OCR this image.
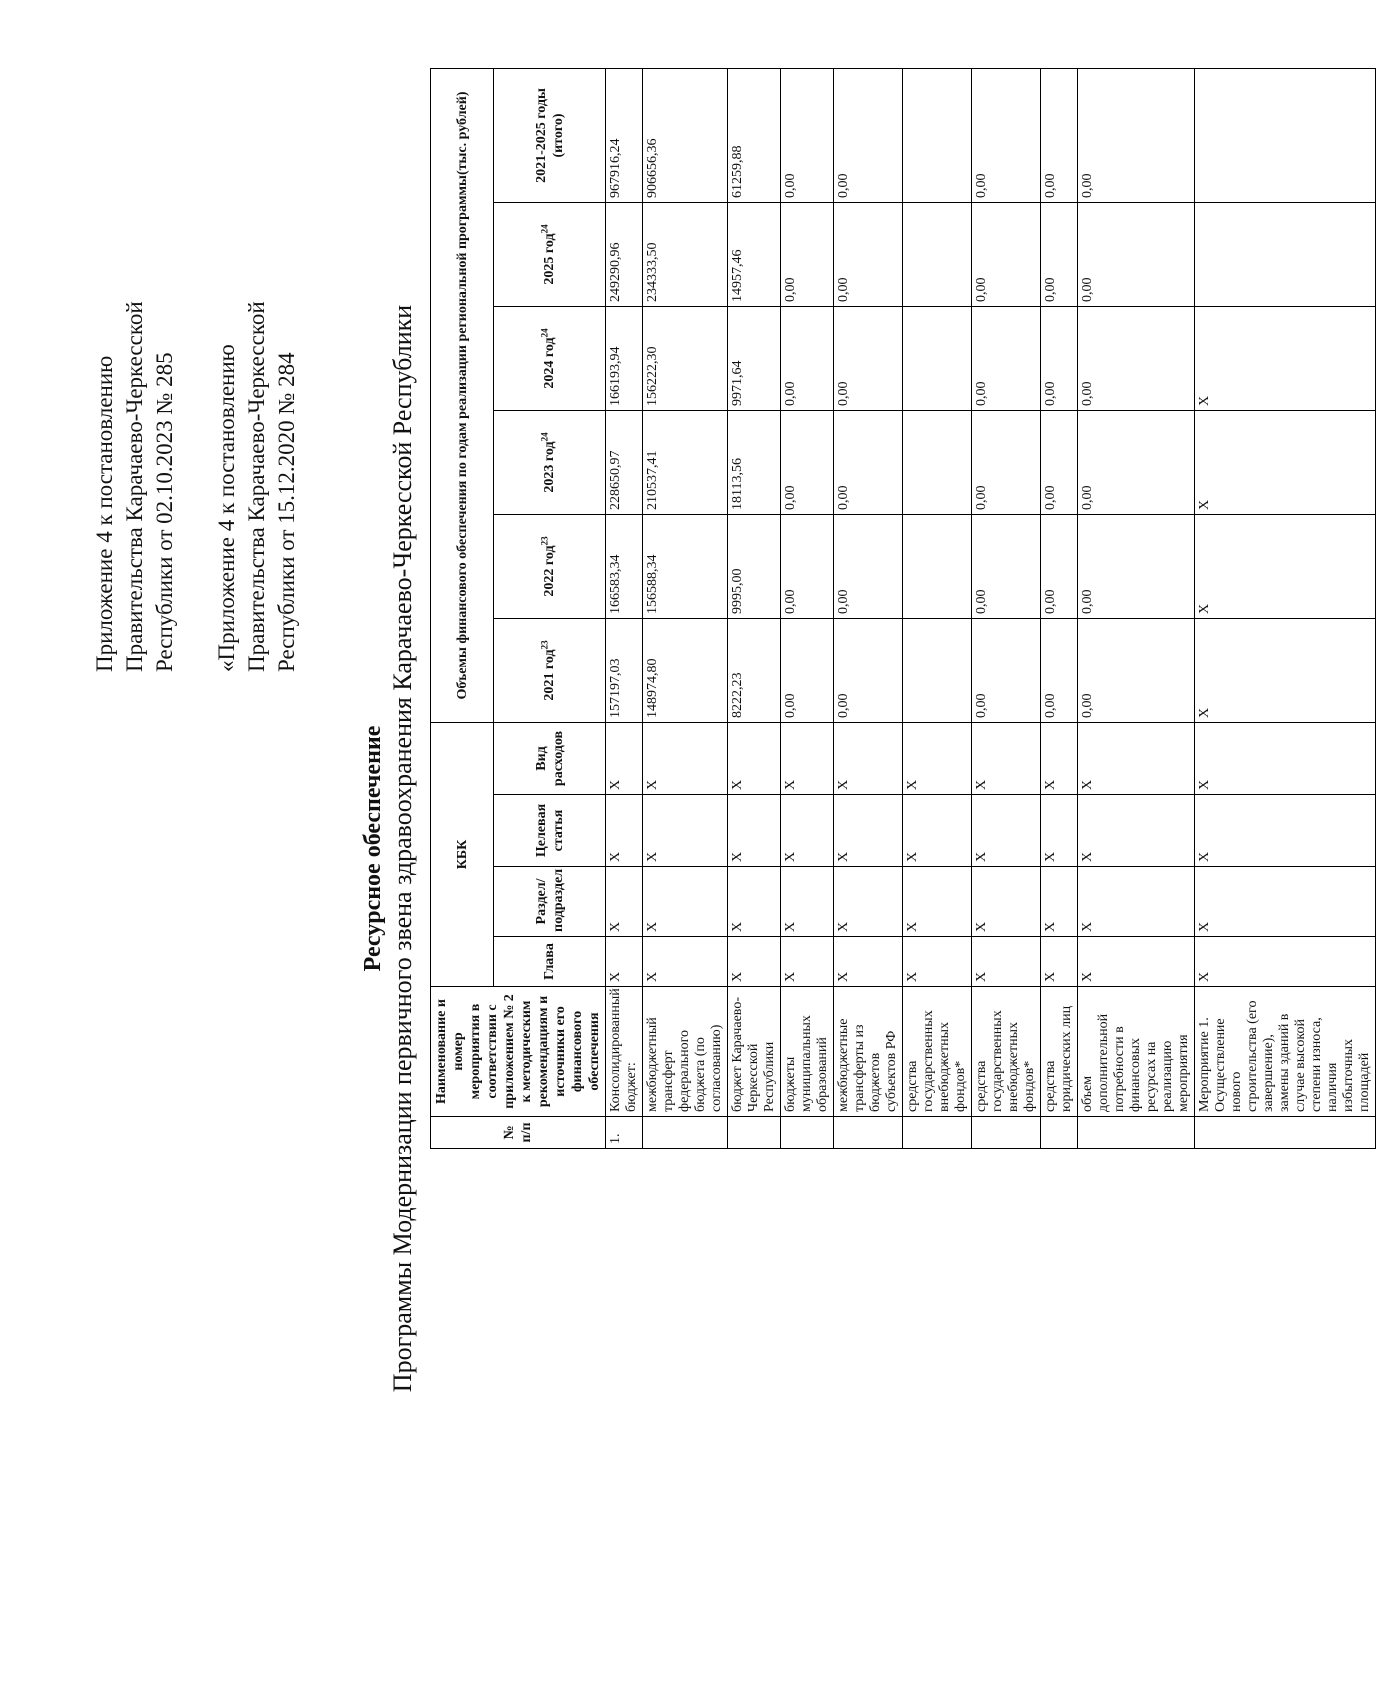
Приложение 4 к постановлению Правительства Карачаево-Черкесской Республики от 02.10.2023 № 285 «Приложение 4 к постановлению Правительства Карачаево-Черкесской Республики от 15.12.2020 № 284
Ресурсное обеспечение Программы Модернизации первичного звена здравоохранения Карачаево-Черкесской Республики	№ п/п	Наименование и номер мероприятия в соответствии с приложением № 2 к методическим рекомендациям и источники его финансового обеспечения	КБК				Объемы финансового обеспечения по годам реализации региональной программы(тыс. рублей)					
		Глава	Раздел/ подраздел	Целевая статья	Вид расходов	2021 год$^{23}$	2022 год$^{23}$	2023 год$^{24}$	2024 год$^{24}$	2025 год$^{24}$	2021-2025 годы (итого)
1.	Консолидированный бюджет:	X	X	X	X	157197,03	166583,34	228650,97	166193,94	249290,96	967916,24
	межбюджетный трансферт федерального бюджета (по согласованию)	X	X	X	X	148974,80	156588,34	210537,41	156222,30	234333,50	906656,36
	бюджет Карачаево-Черкесской Республики	X	X	X	X	8222,23	9995,00	18113,56	9971,64	14957,46	61259,88
	бюджеты муниципальных образований	X	X	X	X	0,00	0,00	0,00	0,00	0,00	0,00
	межбюджетные трансферты из бюджетов субъектов РФ	X	X	X	X	0,00	0,00	0,00	0,00	0,00	0,00
	средства государственных внебюджетных фондов*	X	X	X	X						
	средства государственных внебюджетных фондов*	X	X	X	X	0,00	0,00	0,00	0,00	0,00	0,00
	средства юридических лиц	X	X	X	X	0,00	0,00	0,00	0,00	0,00	0,00
	объем дополнительной потребности в финансовых ресурсах на реализацию мероприятия	X	X	X	X	0,00	0,00	0,00	0,00	0,00	0,00
	Мероприятие 1. Осуществление нового строительства (его завершение), замены зданий в случае высокой степени износа, наличия избыточных площадей	X	X	X	X	X	X	X	X		
